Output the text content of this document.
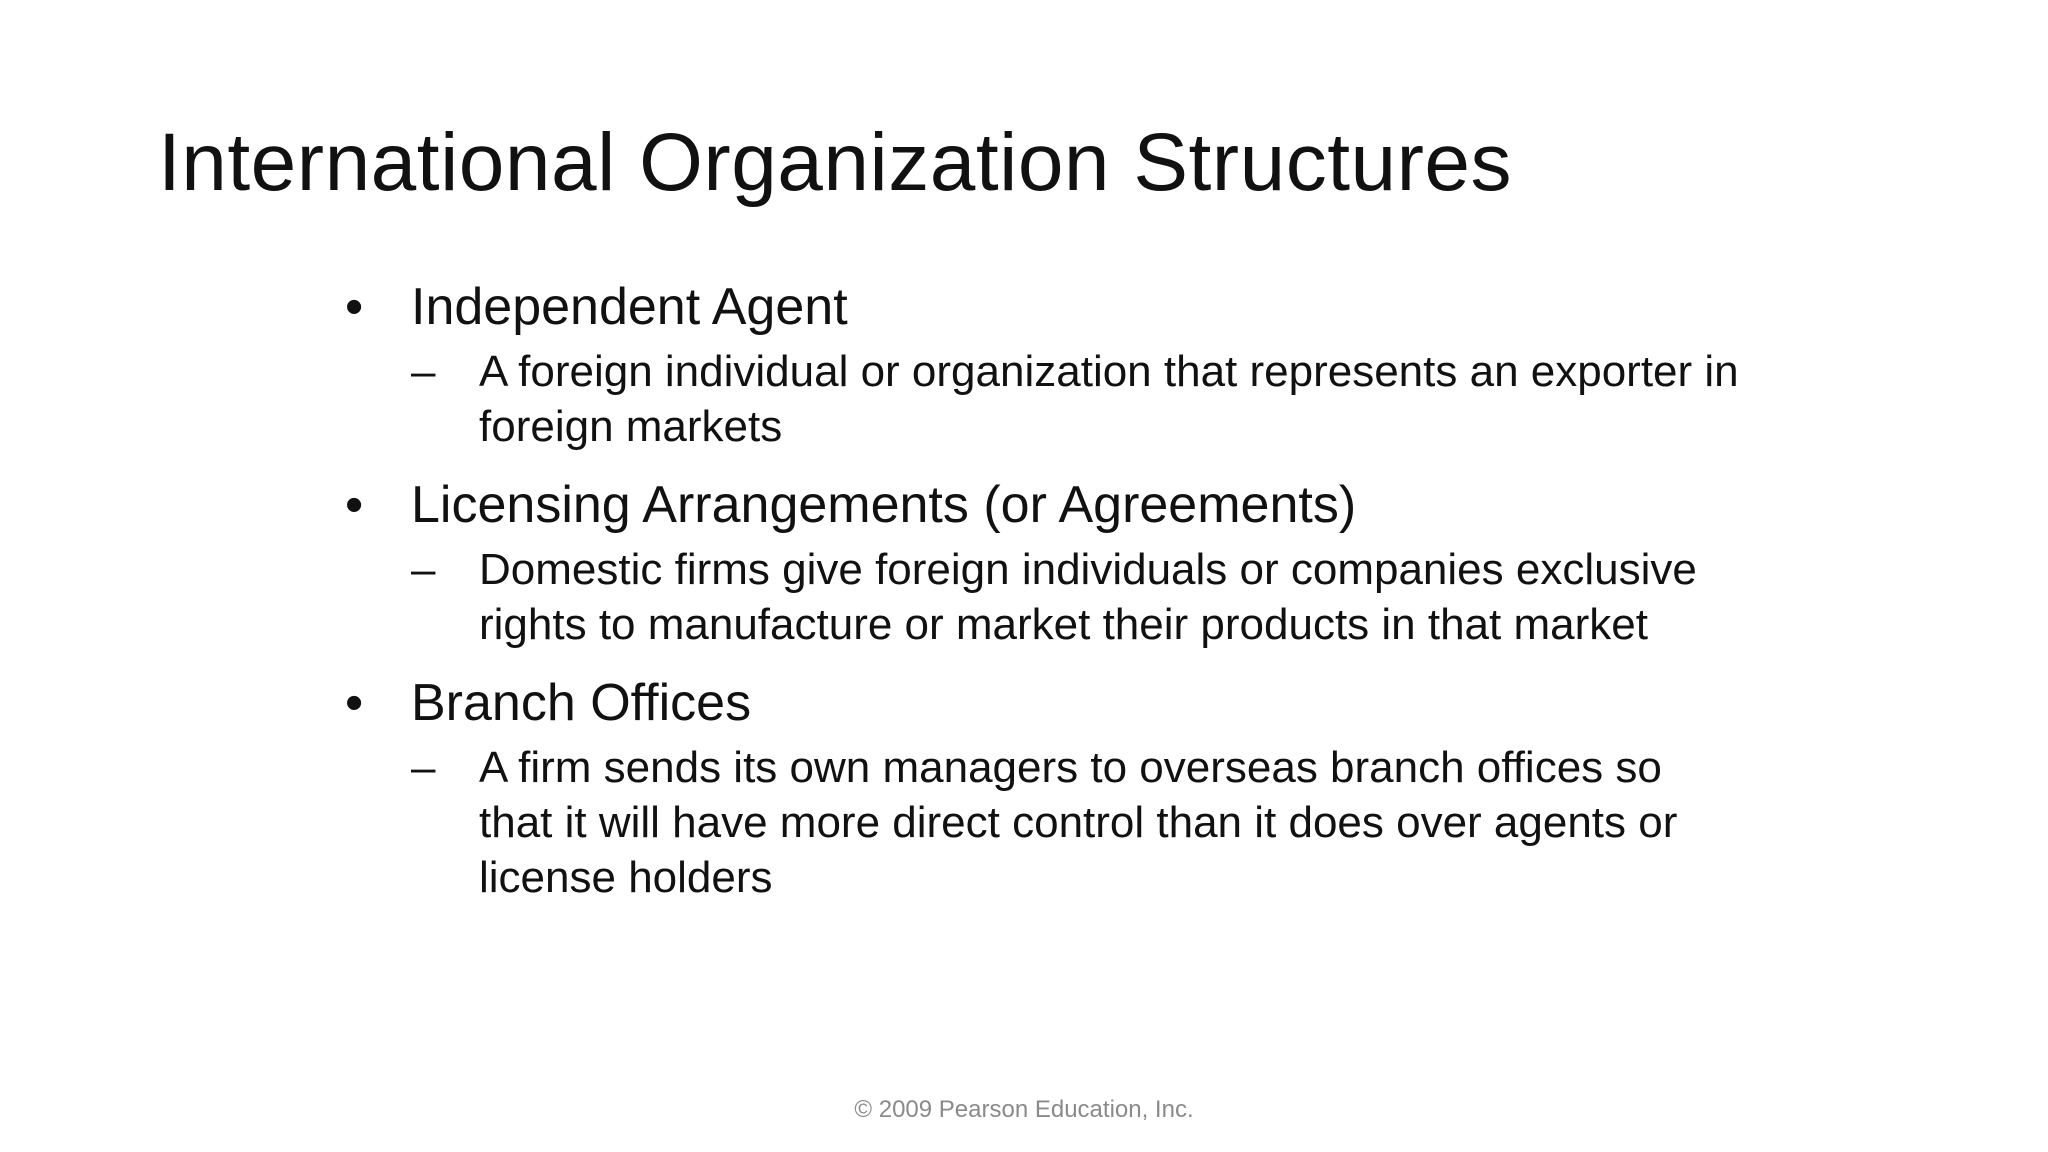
International Organization Structures
• Independent Agent
– A foreign individual or organization that represents an exporter in foreign markets
• Licensing Arrangements (or Agreements)
– Domestic firms give foreign individuals or companies exclusive rights to manufacture or market their products in that market
• Branch Offices
– A firm sends its own managers to overseas branch offices so that it will have more direct control than it does over agents or license holders
© 2009 Pearson Education, Inc.
